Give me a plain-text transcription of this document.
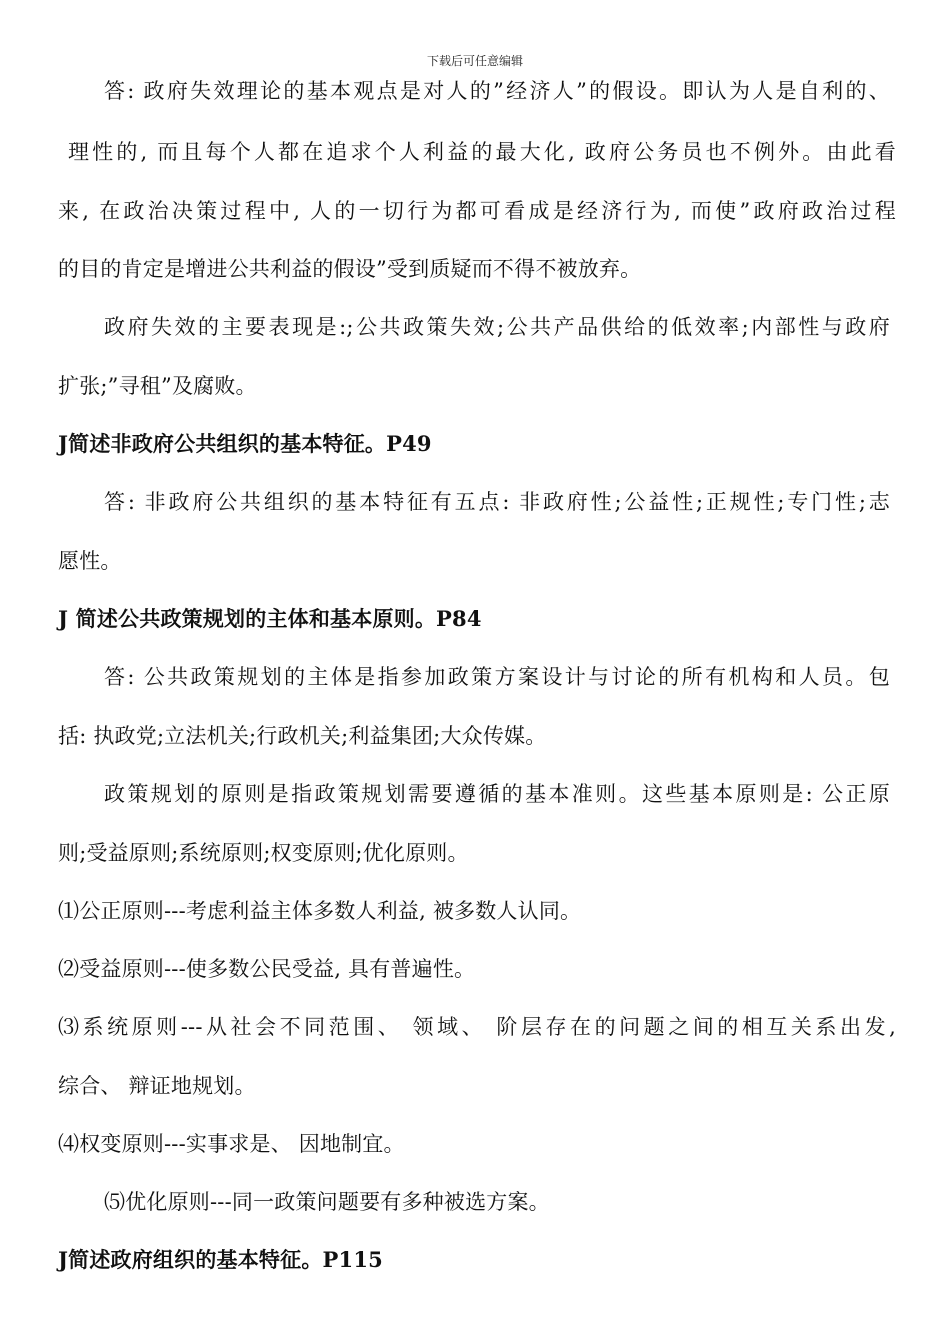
下载后可任意编辑
答: 政府失效理论的基本观点是对人的”经济人”的假设。即认为人是自利的、
理性的, 而且每个人都在追求个人利益的最大化, 政府公务员也不例外。由此看
来, 在政治决策过程中, 人的一切行为都可看成是经济行为, 而使”政府政治过程
的目的肯定是增进公共利益的假设”受到质疑而不得不被放弃。
政府失效的主要表现是:;公共政策失效;公共产品供给的低效率;内部性与政府
扩张;”寻租”及腐败。
J简述非政府公共组织的基本特征。P49
答: 非政府公共组织的基本特征有五点: 非政府性;公益性;正规性;专门性;志
愿性。
J 简述公共政策规划的主体和基本原则。P84
答: 公共政策规划的主体是指参加政策方案设计与讨论的所有机构和人员。包
括: 执政党;立法机关;行政机关;利益集团;大众传媒。
政策规划的原则是指政策规划需要遵循的基本准则。这些基本原则是: 公正原
则;受益原则;系统原则;权变原则;优化原则。
⑴公正原则---考虑利益主体多数人利益, 被多数人认同。
⑵受益原则---使多数公民受益, 具有普遍性。
⑶系统原则---从社会不同范围、 领域、 阶层存在的问题之间的相互关系出发,
综合、 辩证地规划。
⑷权变原则---实事求是、 因地制宜。
⑸优化原则---同一政策问题要有多种被选方案。
J简述政府组织的基本特征。P115
